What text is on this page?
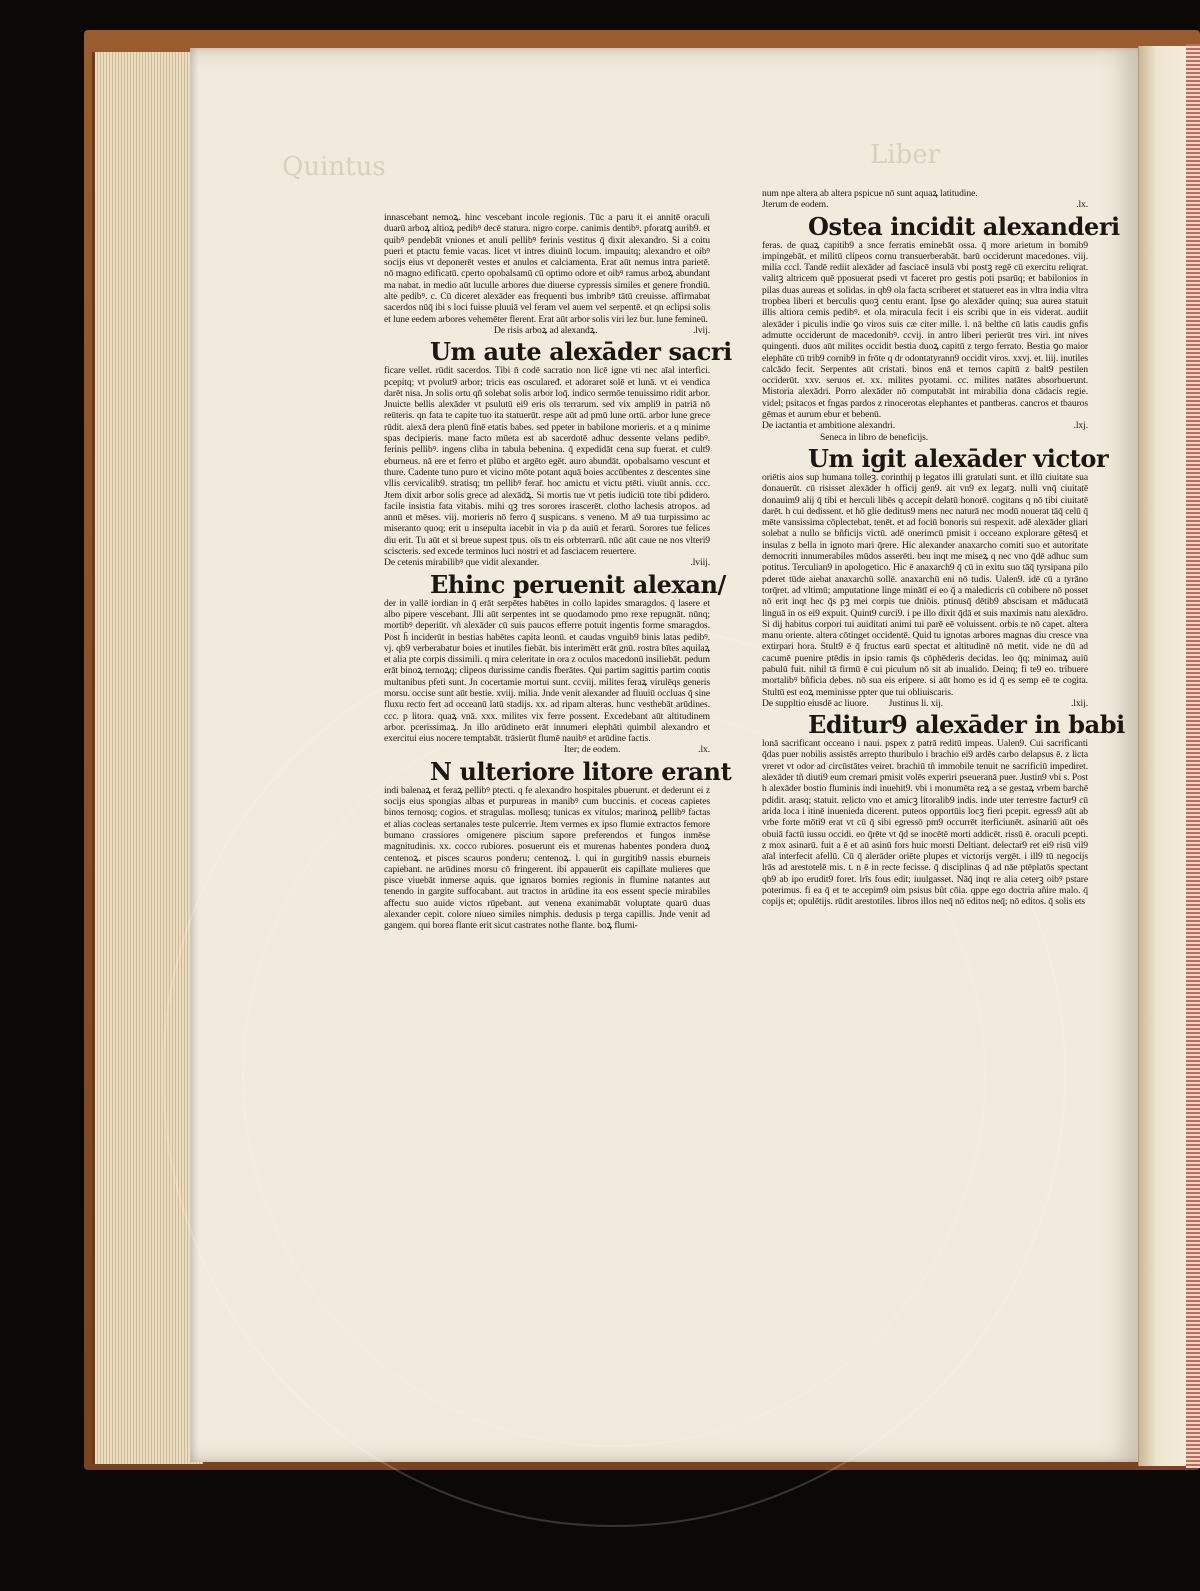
Liber
Quintus

innascebant nemoꝝ. hinc vescebant incole regionis. Tūc a paru it ei annitē oraculi duarū arboꝝ altioꝝ pedibꝰ decē statura. nigro corpe. canimis dentibꝰ. pforatꝗ aurib9. et quibꝰ pendebāt vniones et anuli pellibꝰ ferinis vestitus q̄ dixit alexandro. Si a coitu pueri et ptactu femie vacas. licet vt intres diuinū locum. impauitq; alexandro et oibꝰ socijs eius vt deponerēt vestes et anulos et calciamenta. Erat aūt nemus intra parietē. nō magno edificatū. cperto opobalsamū cū optimo odore et oibꝰ ramus arboꝝ abundant ma nabat. in medio aūt luculle arbores due diuerse cypressis similes et genere frondiū. alte pedibꝰ. c. Cū diceret alexāder eas frequenti bus imbribꝰ tātū creuisse. affirmabat sacerdos nūq̄ ibi s loci fuisse pluuiā vel feram vel auem vel serpentē. et qn eclipsi solis et lune eedem arbores vehemēter flerent. Erat aūt arbor solis viri lez bur. lune femineū.

De risis arboꝝ ad alexandꝝ.	.lvij.
Um aute alexāder sacri

ficare vellet. rūdit sacerdos. Tibi n̄ codē sacratio non licē igne vti nec aīal interfici. pcepitq; vt pvolut9 arbor; tricis eas osculaređ. et adoraret solē et lunā. vt ei vendica darēt nisa. Jn solis ortu qn̄ solebat solis arbor loq̄. indico sermōe tenuissimo ridit arbor. Jnuicte bellis alexāder vt psulutū ei9 eris oīs terrarum. sed vix ampli9 in patriā nō reūteris. qn fata te capite tuo ita statuerūt. respe aūt ad pmū lune ortū. arbor lune grece rūdit. alexā dera plenū finē etatis babes. sed ppeter in babilone morieris. et a q minime spas decipieris. mane facto mūeta est ab sacerdotē adhuc dessente velans pedibꝰ. ferinis pellibꝰ. ingens cliba in tabula bebenina. q̄ expedidāt cena sup fuerat. et cult9 eburneus. nā ere et ferro et plūbo et argēto egēt. auro abundāt. opobalsamo vescunt et thure. Cadente tuno puro et vicino mōte potant aquā boies accūbentes z descentes sine vllis cervicalib9. stratisq; tm pellibꝰ ferar̄. hoc amictu et victu ptēti. viuūt annis. ccc. Jtem dixit arbor solis grece ad alexādꝝ. Si mortis tue vt petis iudiciū tote tibi pdidero. facile insistia fata vitabis. mihi qꝫ tres sorores irascerēt. clotho lachesis atropos. ad annū et mēses. viij. morieris nō ferro q̄ suspicans. s veneno. M a9 tua turpissimo ac miseranto quoq; erit u insepulta iacebit in via p da auiū et ferarū. Sorores tue felices diu erit. Tu aūt et si breue supest tpus. oīs tn eis orbterrarū. nūc aūt caue ne nos vlteri9 sciscteris. sed excede terminos luci nostri et ad fasciacem reuertere.

De cetenis mirabilibꝰ que vidit alexander.	.lviij.
Ehinc peruenit alexan/

der in vallē iordian in q̄ erāt serpētes habētes in collo lapides smaragdos. q̄ lasere et albo pipere vescebant. Jlli aūt serpentes int se quodamodo pmo rexe repugnāt. nūnq; mortibꝰ deperiūt. vñ alexāder cū suis paucos efferre potuit ingentis forme smaragdos. Post h̄ inciderūt in bestias habētes capita leonū. et caudas vnguib9 binis latas pedibꝰ. vj. qb9 verberabatur boies et inutiles fiebāt. bis interimētt erāt gnū. rostra bītes aquilaꝝ et alia pte corpis dissimili. q mira celeritate in ora z oculos macedonū insiliebāt. pedum erāt binoꝝ ternoꝝq; clipeos durissime candis fberātes. Qui partim sagittis partim contis multanibus pfeti sunt. Jn cocertamie mortui sunt. ccviij. milites feraꝝ virulēqs generis morsu. occise sunt aūt bestie. xviij. milia. Jnde venit alexander ad fluuiū occluas q̄ sine fluxu recto fert ad occeanū latū stadijs. xx. ad ripam alteras. hunc vesthebāt arūdines. ccc. p litora. quaꝝ vnā. xxx. milites vix ferre possent. Excedebant aūt altitudinem arbor. pcerissimaꝝ. Jn illo arūdineto erāt innumeri elephāti quimbil alexandro et exercitui eius nocere temptabāt. trāsierūt flumē nauibꝰ et arūdine factis.

Iter; de eodem.	.lx.
N ulteriore litore erant

indi balenaꝝ et feraꝝ pellibꝰ ptecti. q fe alexandro hospitales pbuerunt. et dederunt ei z socijs eius spongias albas et purpureas in manibꝰ cum buccinis. et coceas capietes binos ternosq; cogios. et stragulas. mollesq; tunicas ex vitulos; marinoꝝ pellibꝰ factas et alias cocleas sertanales teste pulcerrie. Jtem vermes ex ipso flumie extractos femore bumano crassiores omigenere piscium sapore preferendos et fungos inmēse magnitudinis. xx. cocco rubiores. posuerunt eis et murenas habentes pondera duoꝝ centenoꝝ. et pisces scauros ponderu; centenoꝝ. l. qui in gurgitib9 nassis eburneis capiebant. ne arūdines morsu cō fringerent. ibi appauerūt eis capillate mulieres que pisce viuebāt inmerse aquis. que ignaros bomies regionis in flumine natantes aut tenendo in gargite suffocabant. aut tractos in arūdine ita eos essent specie mirabiles affectu suo auide victos rūpebant. aut venena exanimabāt voluptate quarū duas alexander cepit. colore niueo similes nimphis. dedusis p terga capillis. Jnde venit ad gangem. qui borea flante erit sicut castrates nothe flante. boꝝ flumi-

num npe altera ab altera pspicue nō sunt aquaꝝ latitudine.

Jterum de eodem.	.lx.
Ostea incidit alexanderi

feras. de quaꝝ capitib9 a ɜnce ferratis eminebāt ossa. q̄ more arietum in bomib9 impingebāt. et militū clipeos cornu transuerberabāt. barū occiderunt macedones. viij. milia cccl. Tandē rediit alexāder ad fasciacē insulā vbi postꝫ regē cū exercitu reliqrat. valitꝫ altricem quē pposuerat psedi vt faceret pro gestis poti psarūq; et babilonios in pilas duas aureas et solidas. in qb9 ola facta scriberet et statueret eas in vltra india vltra tropbea liberi et berculis quoꝫ centu erant. Ipse ꝯo alexāder quinq; sua aurea statuit illis altiora cemis pedibꝰ. et ola miracula fecit i eis scribi que in eis viderat. audiit alexāder i piculis indie ꝯo viros suis cæ citer mille. l. nā belthe cū latis caudis gnfis admutte occiderunt de macedonibꝰ. ccvij. in antro liberi perierūt tres viri. int nives quingenti. duos aūt milites occidit bestia duoꝝ capitū z tergo ferrato. Bestia ꝯo maior elephāte cū trib9 cornib9 in frōte q dr odontatyrann9 occidit viros. xxvj. et. liij. inutiles calcādo fecit. Serpentes aūt cristati. binos enā et ternos capitū z balt9 pestilen occiderūt. xxv. seruos et. xx. milites pyotami. cc. milites natātes absorbuerunt. Mistoria alexādri. Porro alexāder nō computabāt int mirabilia dona cādacis regie. videl; psitacos et fngas pardos z rinocerotas elephantes et pantberas. cancros et tbauros gēmas et aurum ebur et bebenū.

De iactantia et ambitione alexandri.	.lxj.
Seneca in libro de beneficijs.
Um igit alexāder victor

oriētis aios sup humana tolleꝫ. corinthij p legatos illi gratulati sunt. et illū ciuitate sua donauerūt. cū risisset alexāder h officij gen9. ait vn9 ex legatꝫ. nulli vnq̄ ciuitatē donauim9 alij q̄ tibi et herculi libēs q accepit delatū honorē. cogitans q nō tibi ciuitatē darēt. h cui dedissent. et hō glie deditus9 mens nec naturā nec modū nouerat tāq̄ celū q̄ mēte vansissima cōplectebat. tenēt. et ad fociū bonoris sui respexit. adē alexāder gliari solebat a nullo se bñficijs victū. adē onerimcū pmisit i occeano explorare gētesq̄ et insulas z bella in ignoto mari q̄rere. Hic alexander anaxarcho comiti suo et autoritate democriti innumerabiles mūdos asserēti. beu inqt me miseꝝ q nec vno q̄dē adhuc sum potitus. Terculian9 in apologetico. Hic ē anaxarch9 q̄ cū in exitu suo tāq̄ tyrsipana pilo pderet tūde aiebat anaxarchū sollē. anaxarchū eni nō tudis. Ualen9. idē cū a tyrāno torq̄ret. ad vltimū; amputatione linge minātī ei eo q̄ a maledicris cū cobibere nō posset nō erit inqt hec q̄s pꝫ mei corpis tue dniōis. ptinusq̄ dētib9 abscisam et māducatā linguā in os ei9 expuit. Quint9 curci9. i pe illo dixit q̄dā et suis maximis natu alexādro. Si dij habitus corpori tui auiditati animi tui parē eē voluissent. orbis te nō capet. altera manu oriente. altera cōtinget occidentē. Quid tu ignotas arbores magnas diu cresce vna extirpari hora. Stult9 ē q̄ fructus earū spectat et altitudinē nō metit. vide ne dū ad cacumē puenire ptēdis in ipsio ramis q̄s cōphēderis decidas. leo q̄q; minimaꝝ auiū pabulū fuit. nihil tā firmū ē cui piculum nō sit ab inualido. Deinq; fi te9 eo. tribuere mortalibꝰ bñficia debes. nō sua eis eripere. si aūt homo es id q̄ es semp eē te cogita. Stultū est eoꝝ meminisse ppter que tui obliuiscaris.

De suppltio eiusdē ac liuore. Justinus li. xij.	.lxij.
Editur9 alexāder in babi

lonā sacrificant occeano i naui. pspex z patrā reditū impeas. Ualen9. Cui sacrificanti q̄das puer nobilis assistēs arrepto thuribulo i brachio ei9 ardēs carbo delapsus ē. z licta vreret vt odor ad circūstātes veiret. brachiū tñ immobile tenuit ne sacrificiū impediret. alexāder tñ diuti9 eum cremari pmisit volēs experiri pseueranā puer. Justin9 vbi s. Post h alexāder bostio fluminis indi inuehit9. vbi i monumēta reꝝ a se gestaꝝ vrbem barchē pdidit. arasq; statuit. relicto vno et amicꝫ litoralib9 indis. inde uter terrestre factur9 cū arida loca i itinē inuenieda dicerent. puteos opportūis locꝫ fieri pcepit. egress9 aūt ab vrbe forte mōti9 erat vt cū q̄ sibi egressō pm9 occurrēt iterficiunēt. asinariū aūt oēs obuiā factū iussu occidi. eo q̄rēte vt q̄d se inocētē morti addicēt. rissū ē. oraculi pcepti. z mox asinarū. fuit a ē et aū asinū fors huic morsti Deltiant. delectar9 ret ei9 risū vil9 aīal interfecit afellū. Cū q̄ alerāder oriēte plupes et victorijs vergēt. i ill9 tū negocijs lrās ad arestotelē mis. t. n ē in recte fecisse. q̄ disciplinas q̄ ad nāe ptēplatōs spectant qb9 ab ipo erudit9 foret. lrīs fous edit; iuulgasset. Nāq̄ inqt re alia ceterꝫ oibꝰ pstare poterimus. fi ea q̄ et te accepim9 oim psisus bût cōia. qppe ego doctria añire malo. q̄ copijs et; opulētijs. rūdit arestotiles. libros illos neq̄ nō editos neq̄; nō editos. q̄ solis ets
